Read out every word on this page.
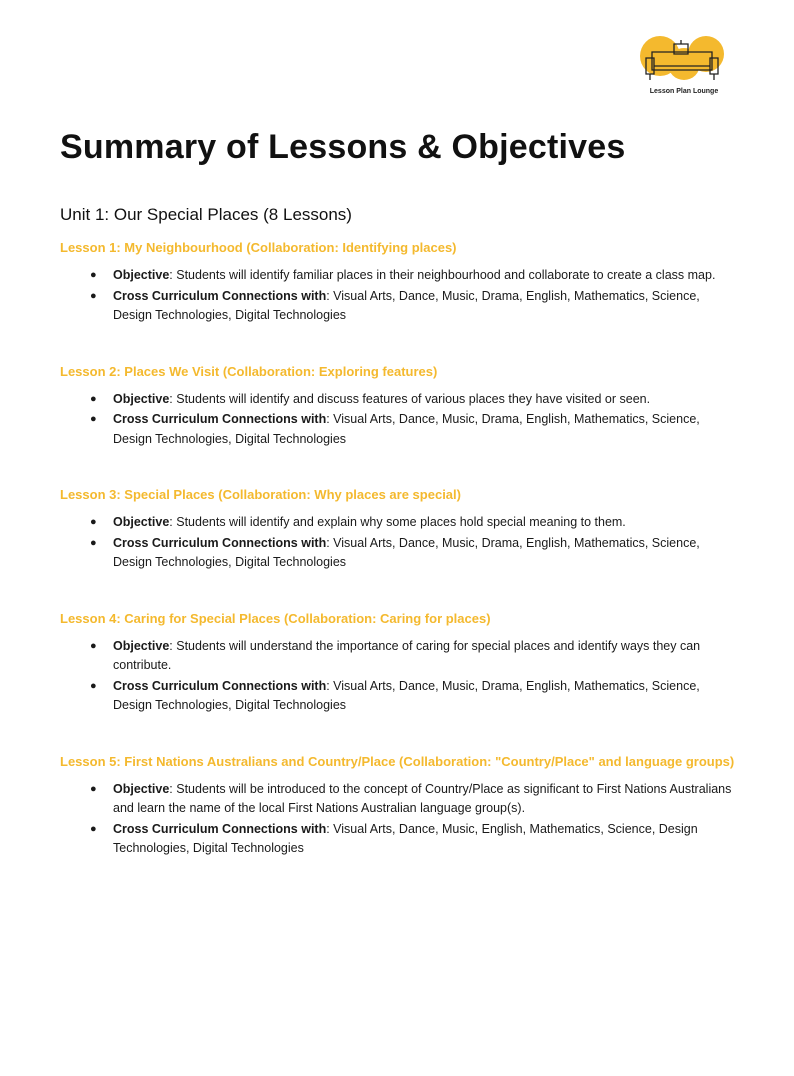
Lesson Plan Lounge
Summary of Lessons & Objectives
Unit 1: Our Special Places (8 Lessons)

Lesson 1: My Neighbourhood (Collaboration: Identifying places)

● Objective: Students will identify familiar places in their neighbourhood and collaborate to create a class map.
● Cross Curriculum Connections with: Visual Arts, Dance, Music, Drama, English, Mathematics, Science, Design Technologies, Digital Technologies

Lesson 2: Places We Visit (Collaboration: Exploring features)

● Objective: Students will identify and discuss features of various places they have visited or seen.
● Cross Curriculum Connections with: Visual Arts, Dance, Music, Drama, English, Mathematics, Science, Design Technologies, Digital Technologies

Lesson 3: Special Places (Collaboration: Why places are special)

● Objective: Students will identify and explain why some places hold special meaning to them.
● Cross Curriculum Connections with: Visual Arts, Dance, Music, Drama, English, Mathematics, Science, Design Technologies, Digital Technologies

Lesson 4: Caring for Special Places (Collaboration: Caring for places)

● Objective: Students will understand the importance of caring for special places and identify ways they can contribute.
● Cross Curriculum Connections with: Visual Arts, Dance, Music, Drama, English, Mathematics, Science, Design Technologies, Digital Technologies

Lesson 5: First Nations Australians and Country/Place (Collaboration: "Country/Place" and language groups)

● Objective: Students will be introduced to the concept of Country/Place as significant to First Nations Australians and learn the name of the local First Nations Australian language group(s).
● Cross Curriculum Connections with: Visual Arts, Dance, Music, English, Mathematics, Science, Design Technologies, Digital Technologies
